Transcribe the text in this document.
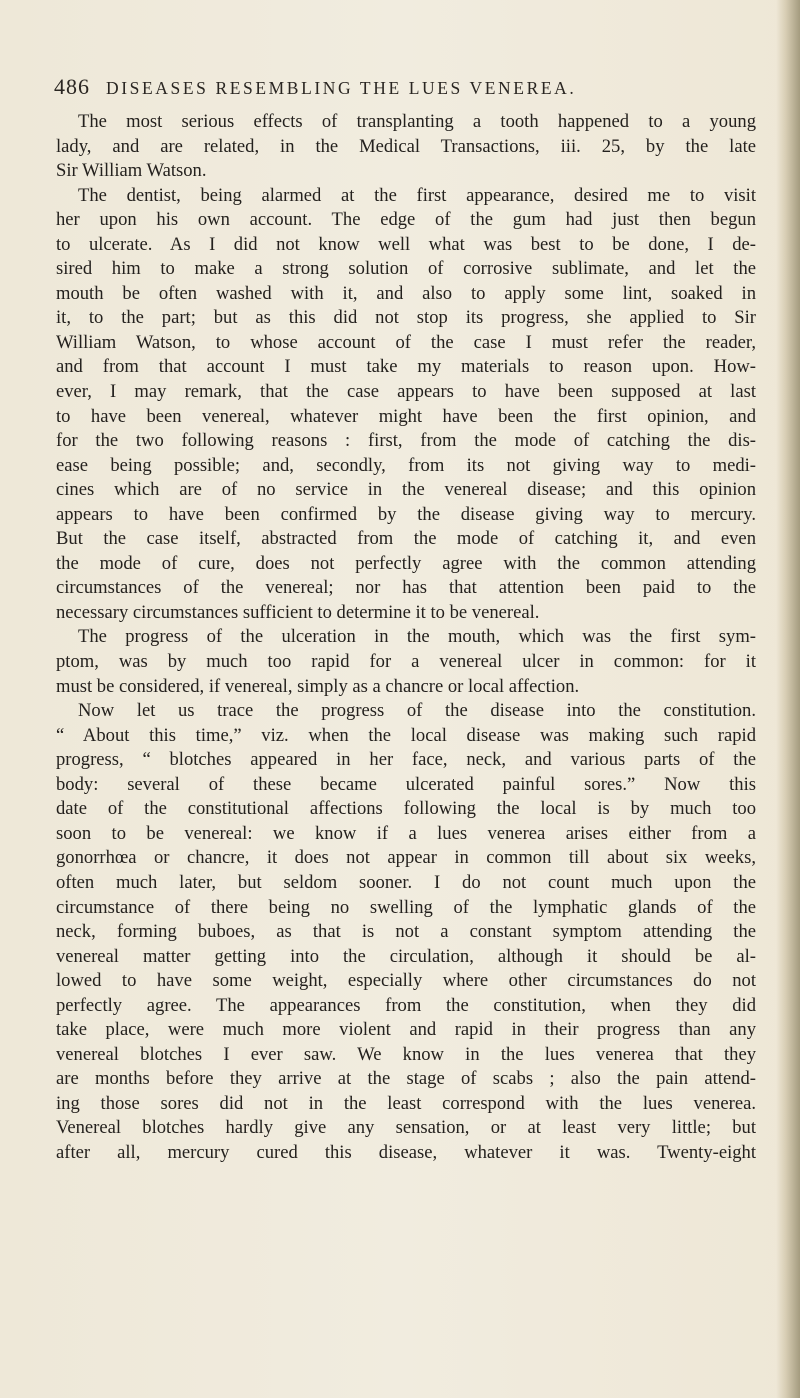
486 DISEASES RESEMBLING THE LUES VENEREA.
The most serious effects of transplanting a tooth happened to a young
lady, and are related, in the Medical Transactions, iii. 25, by the late
Sir William Watson.
The dentist, being alarmed at the first appearance, desired me to visit
her upon his own account. The edge of the gum had just then begun
to ulcerate. As I did not know well what was best to be done, I de-
sired him to make a strong solution of corrosive sublimate, and let the
mouth be often washed with it, and also to apply some lint, soaked in
it, to the part; but as this did not stop its progress, she applied to Sir
William Watson, to whose account of the case I must refer the reader,
and from that account I must take my materials to reason upon. How-
ever, I may remark, that the case appears to have been supposed at last
to have been venereal, whatever might have been the first opinion, and
for the two following reasons : first, from the mode of catching the dis-
ease being possible; and, secondly, from its not giving way to medi-
cines which are of no service in the venereal disease; and this opinion
appears to have been confirmed by the disease giving way to mercury.
But the case itself, abstracted from the mode of catching it, and even
the mode of cure, does not perfectly agree with the common attending
circumstances of the venereal; nor has that attention been paid to the
necessary circumstances sufficient to determine it to be venereal.
The progress of the ulceration in the mouth, which was the first sym-
ptom, was by much too rapid for a venereal ulcer in common: for it
must be considered, if venereal, simply as a chancre or local affection.
Now let us trace the progress of the disease into the constitution.
“ About this time,” viz. when the local disease was making such rapid
progress, “ blotches appeared in her face, neck, and various parts of the
body: several of these became ulcerated painful sores.” Now this
date of the constitutional affections following the local is by much too
soon to be venereal: we know if a lues venerea arises either from a
gonorrhœa or chancre, it does not appear in common till about six weeks,
often much later, but seldom sooner. I do not count much upon the
circumstance of there being no swelling of the lymphatic glands of the
neck, forming buboes, as that is not a constant symptom attending the
venereal matter getting into the circulation, although it should be al-
lowed to have some weight, especially where other circumstances do not
perfectly agree. The appearances from the constitution, when they did
take place, were much more violent and rapid in their progress than any
venereal blotches I ever saw. We know in the lues venerea that they
are months before they arrive at the stage of scabs ; also the pain attend-
ing those sores did not in the least correspond with the lues venerea.
Venereal blotches hardly give any sensation, or at least very little; but
after all, mercury cured this disease, whatever it was. Twenty-eight
